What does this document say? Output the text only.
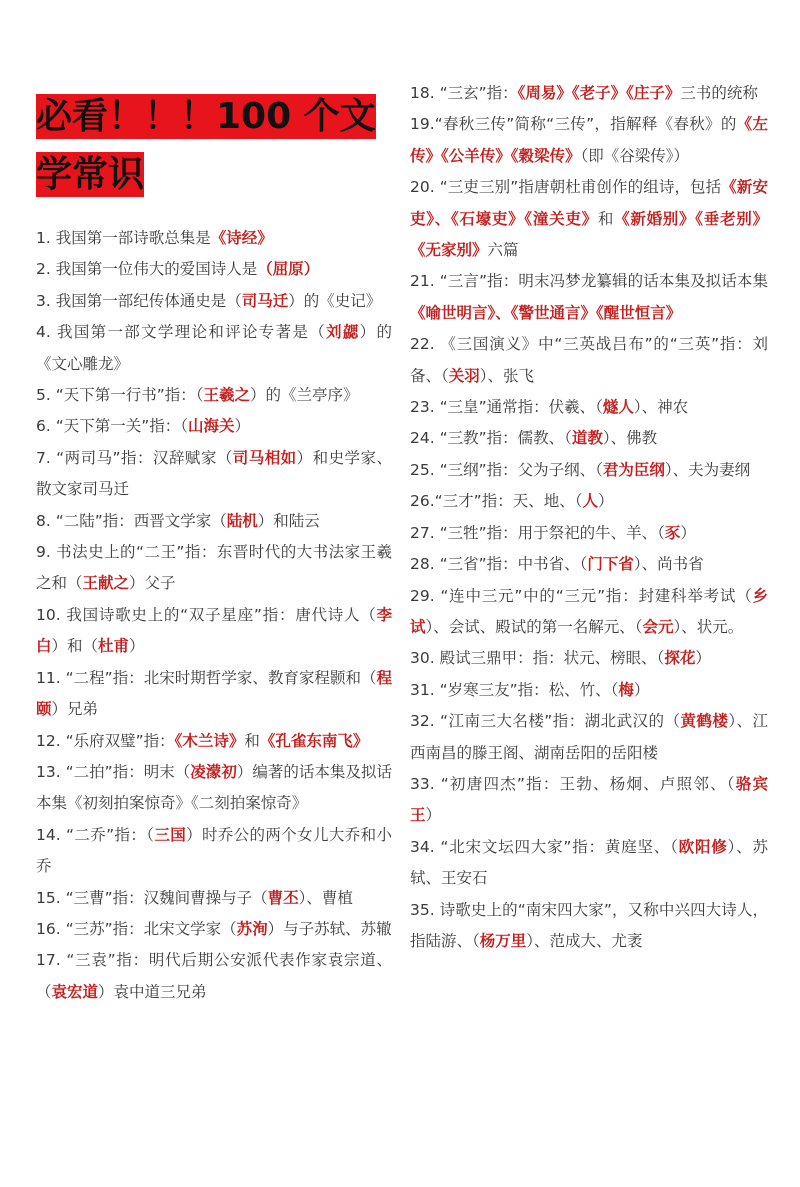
必看！！！100 个文学常识
1. 我国第一部诗歌总集是《诗经》
2. 我国第一位伟大的爱国诗人是（屈原）
3. 我国第一部纪传体通史是（司马迁）的《史记》
4. 我国第一部文学理论和评论专著是（刘勰）的《文心雕龙》
5. “天下第一行书”指：（王羲之）的《兰亭序》
6. “天下第一关”指：（山海关）
7. “两司马”指：汉辞赋家（司马相如）和史学家、散文家司马迁
8. “二陆”指：西晋文学家（陆机）和陆云
9. 书法史上的“二王”指：东晋时代的大书法家王羲之和（王献之）父子
10. 我国诗歌史上的“双子星座”指：唐代诗人（李白）和（杜甫）
11. “二程”指：北宋时期哲学家、教育家程颢和（程颐）兄弟
12. “乐府双璧”指：《木兰诗》和《孔雀东南飞》
13. “二拍”指：明末（凌濛初）编著的话本集及拟话本集《初刻拍案惊奇》《二刻拍案惊奇》
14. “二乔”指：（三国）时乔公的两个女儿大乔和小乔
15. “三曹”指：汉魏间曹操与子（曹丕）、曹植
16. “三苏”指：北宋文学家（苏洵）与子苏轼、苏辙
17. “三袁”指：明代后期公安派代表作家袁宗道、（袁宏道）袁中道三兄弟
18. “三玄”指：《周易》《老子》《庄子》三书的统称
19.“春秋三传”简称“三传”，指解释《春秋》的《左传》《公羊传》《穀梁传》（即《谷梁传》）
20. “三吏三别”指唐朝杜甫创作的组诗，包括《新安吏》、《石壕吏》《潼关吏》和《新婚别》《垂老别》《无家别》六篇
21. “三言”指：明末冯梦龙纂辑的话本集及拟话本集《喻世明言》、《警世通言》《醒世恒言》
22. 《三国演义》中“三英战吕布”的“三英”指：刘备、（关羽）、张飞
23. “三皇”通常指：伏羲、（燧人）、神农
24. “三教”指：儒教、（道教）、佛教
25. “三纲”指：父为子纲、（君为臣纲）、夫为妻纲
26.“三才”指：天、地、（人）
27. “三牲”指：用于祭祀的牛、羊、（豕）
28. “三省”指：中书省、（门下省）、尚书省
29. “连中三元”中的“三元”指：封建科举考试（乡试）、会试、殿试的第一名解元、（会元）、状元。
30. 殿试三鼎甲：指：状元、榜眼、（探花）
31. “岁寒三友”指：松、竹、（梅）
32. “江南三大名楼”指：湖北武汉的（黄鹤楼）、江西南昌的滕王阁、湖南岳阳的岳阳楼
33. “初唐四杰”指：王勃、杨炯、卢照邻、（骆宾王）
34. “北宋文坛四大家”指：黄庭坚、（欧阳修）、苏轼、王安石
35. 诗歌史上的“南宋四大家”，又称中兴四大诗人，指陆游、（杨万里）、范成大、尤袤
